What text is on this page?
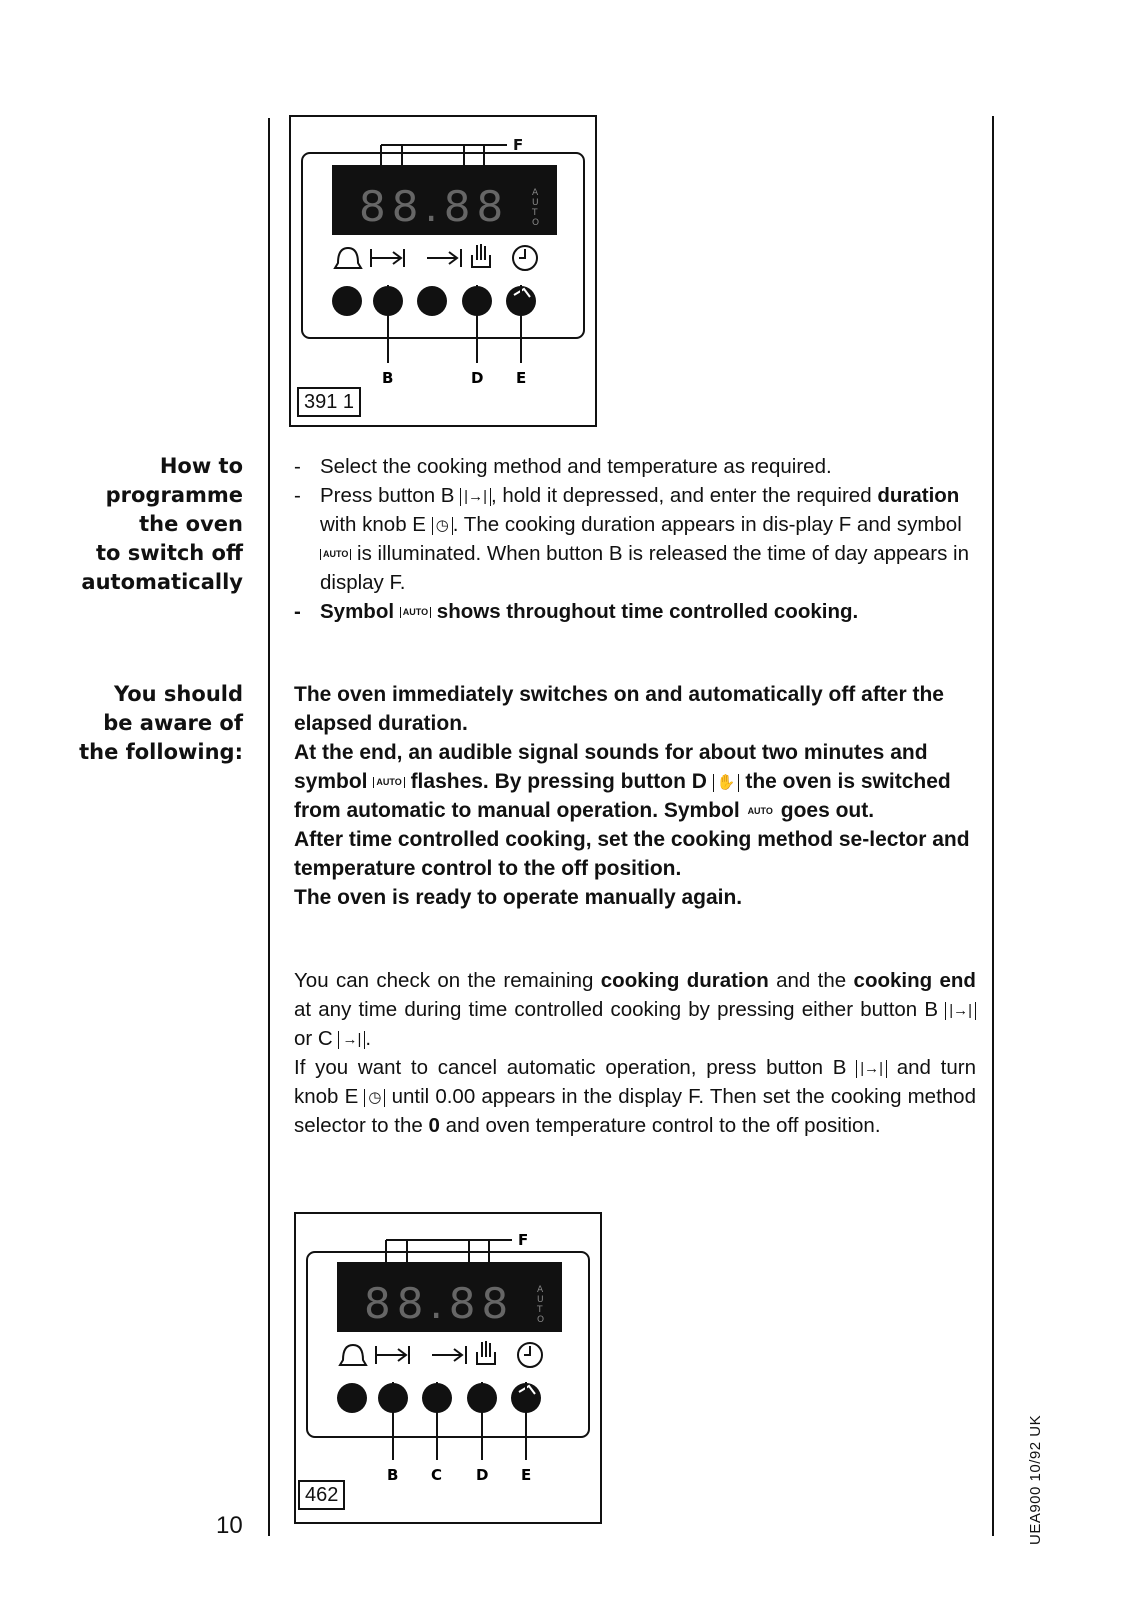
F
88.88	A
U
T
O
B	D E
391 1
How to
programme
the oven
to switch off
automatically
- Select the cooking method and temperature as required.
- Press button B |→| , hold it depressed, and enter the required duration with knob E ◷ . The cooking duration appears in dis-play F and symbol AUTO is illuminated. When button B is released the time of day appears in display F.
- Symbol AUTO shows throughout time controlled cooking.
You should
be aware of
the following:
The oven immediately switches on and automatically off after the elapsed duration.
At the end, an audible signal sounds for about two minutes and symbol AUTO flashes. By pressing button D ✋ the oven is switched from automatic to manual operation. Symbol AUTO goes out.
After time controlled cooking, set the cooking method se-lector and temperature control to the off position.
The oven is ready to operate manually again.
You can check on the remaining cooking duration and the cooking end at any time during time controlled cooking by pressing either button B |→| or C →| .
If you want to cancel automatic operation, press button B |→| and turn knob E ◷ until 0.00 appears in the display F. Then set the cooking method selector to the 0 and oven temperature control to the off position.
F
88.88	A
U
T
O
B C D E
462
10	UEA900 10/92 UK
